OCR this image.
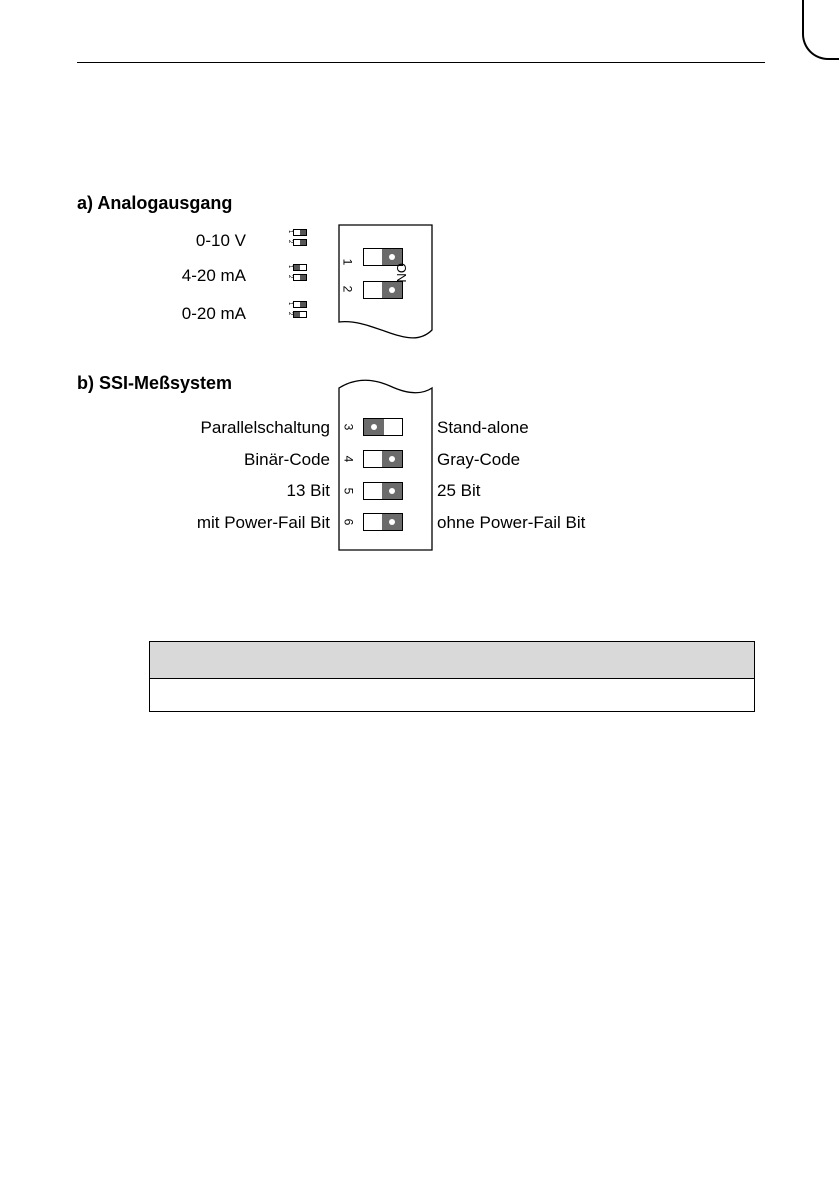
a) Analogausgang
0-10 V
4-20 mA
0-20 mA
1
2
1
2
1
2
1
2
ON
b) SSI-Meßsystem
Parallelschaltung
Binär-Code
13 Bit
mit Power-Fail Bit
3
4
5
6
Stand-alone
Gray-Code
25 Bit
ohne Power-Fail Bit
